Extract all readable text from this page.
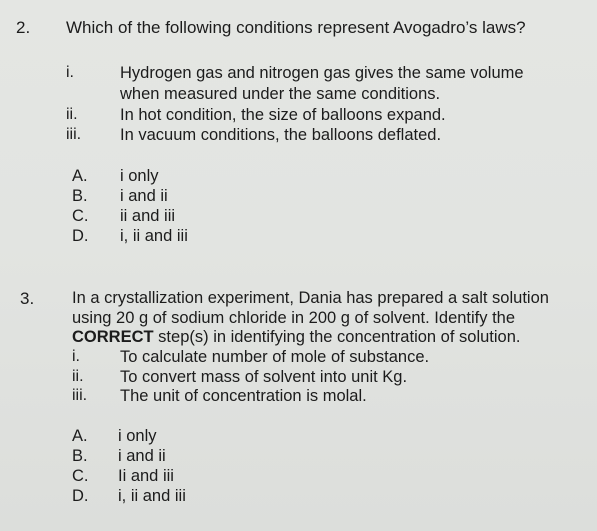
2. Which of the following conditions represent Avogadro’s laws?
i.	Hydrogen gas and nitrogen gas gives the same volume
when measured under the same conditions.
ii.	In hot condition, the size of balloons expand.
iii. In vacuum conditions, the balloons deflated.
A. i only
B. i and ii
C. ii and iii
D. i, ii and iii
3. In a crystallization experiment, Dania has prepared a salt solution
using 20 g of sodium chloride in 200 g of solvent. Identify the
CORRECT step(s) in identifying the concentration of solution.
i. To calculate number of mole of substance.
ii. To convert mass of solvent into unit Kg.
iii. The unit of concentration is molal.
A. i only
B. i and ii
C. Ii and iii
D. i, ii and iii
